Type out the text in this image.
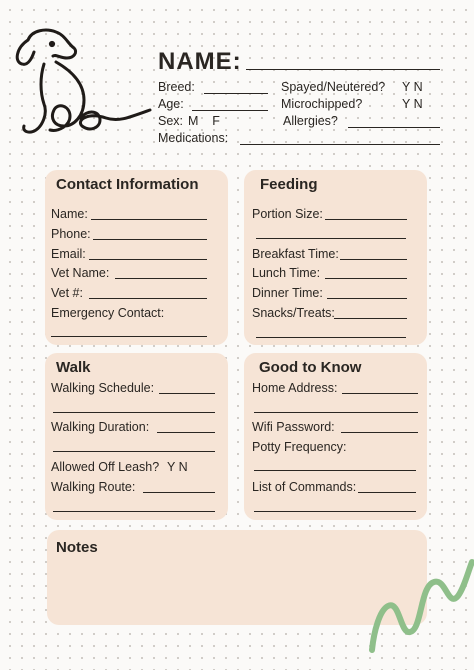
NAME:
Breed:	Spayed/Neutered? Y N
Age:	Microchipped?	Y N
Sex: M    F	Allergies?
Medications:
Contact Information
Name:
Phone:
Email:
Vet Name:
Vet #:
Emergency Contact:
Feeding
Portion Size:
Breakfast Time:
Lunch Time:
Dinner Time:
Snacks/Treats:
Walk
Walking Schedule:
Walking Duration:
Allowed Off Leash? Y N
Walking Route:
Good to Know
Home Address:
Wifi Password:
Potty Frequency:
List of Commands:
Notes
